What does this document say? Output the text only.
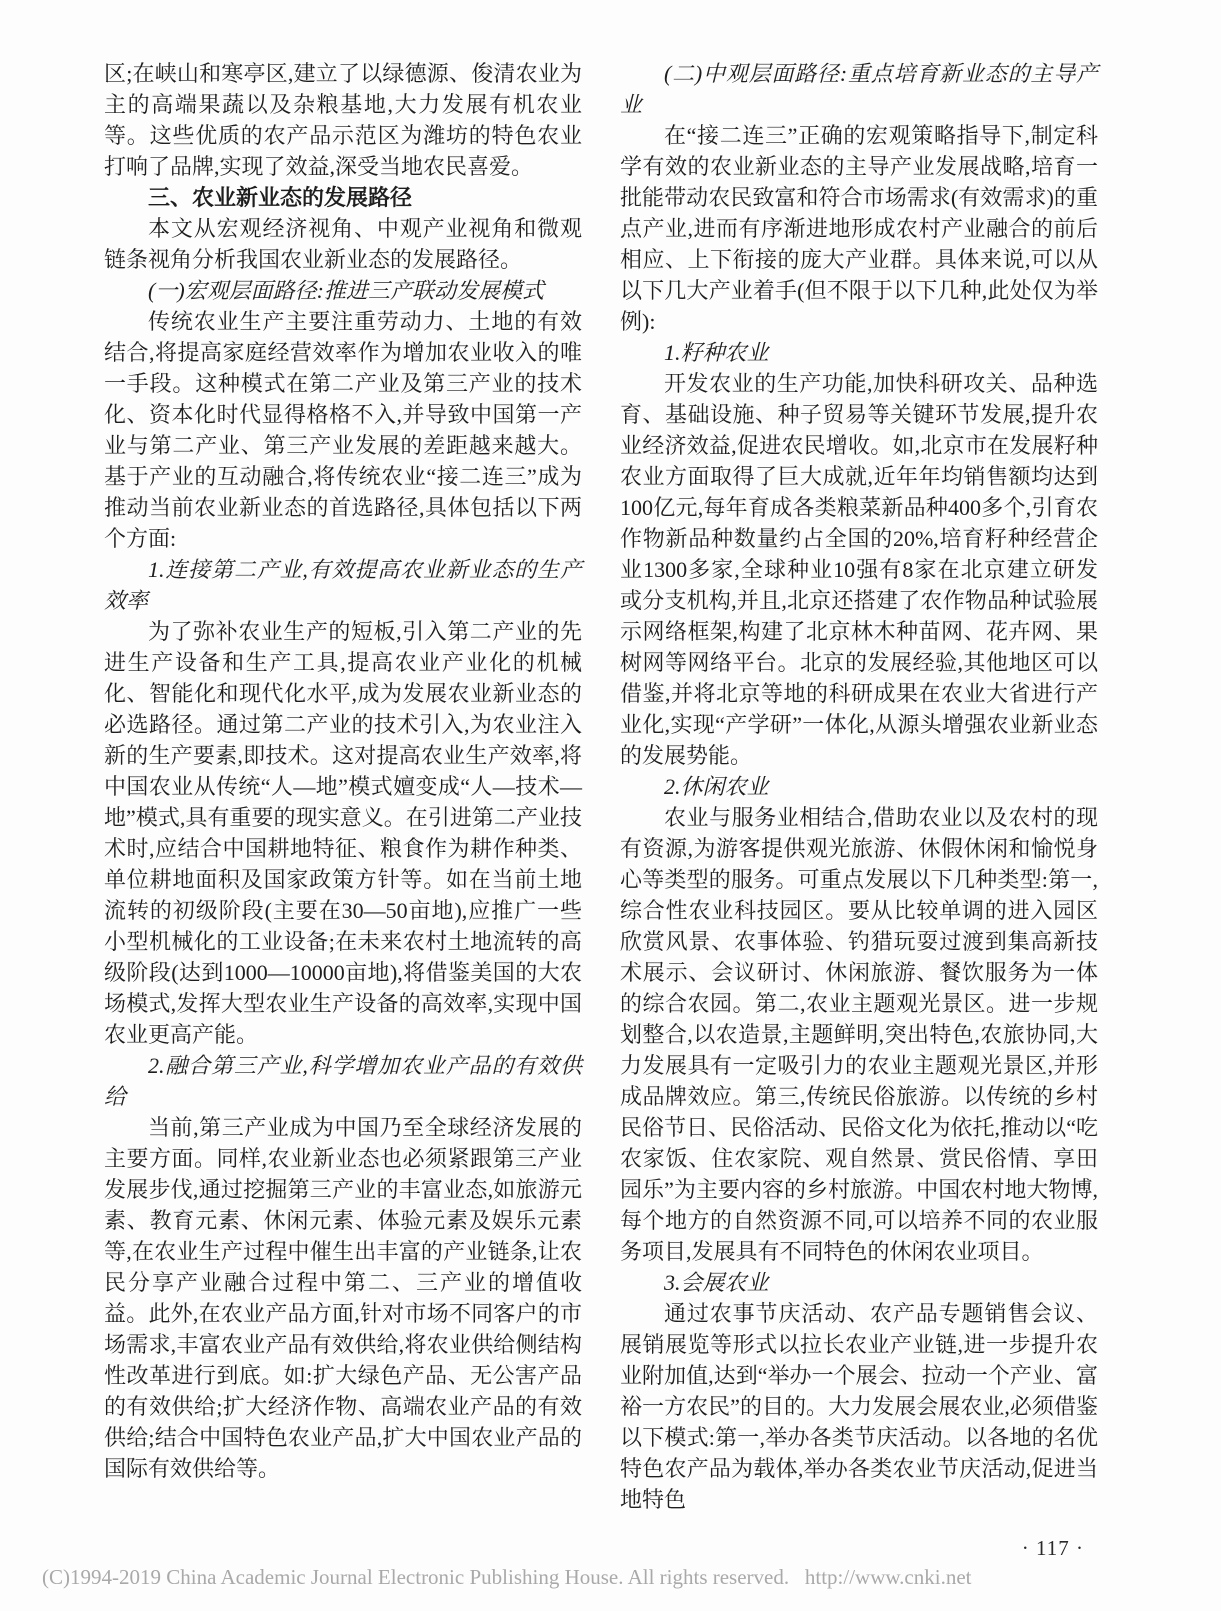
区;在峡山和寒亭区,建立了以绿德源、俊清农业为主的高端果蔬以及杂粮基地,大力发展有机农业等。这些优质的农产品示范区为潍坊的特色农业打响了品牌,实现了效益,深受当地农民喜爱。

三、农业新业态的发展路径

本文从宏观经济视角、中观产业视角和微观链条视角分析我国农业新业态的发展路径。

(一)宏观层面路径:推进三产联动发展模式

传统农业生产主要注重劳动力、土地的有效结合,将提高家庭经营效率作为增加农业收入的唯一手段。这种模式在第二产业及第三产业的技术化、资本化时代显得格格不入,并导致中国第一产业与第二产业、第三产业发展的差距越来越大。基于产业的互动融合,将传统农业“接二连三”成为推动当前农业新业态的首选路径,具体包括以下两个方面:

1.连接第二产业,有效提高农业新业态的生产效率

为了弥补农业生产的短板,引入第二产业的先进生产设备和生产工具,提高农业产业化的机械化、智能化和现代化水平,成为发展农业新业态的必选路径。通过第二产业的技术引入,为农业注入新的生产要素,即技术。这对提高农业生产效率,将中国农业从传统“人—地”模式嬗变成“人—技术—地”模式,具有重要的现实意义。在引进第二产业技术时,应结合中国耕地特征、粮食作为耕作种类、单位耕地面积及国家政策方针等。如在当前土地流转的初级阶段(主要在30—50亩地),应推广一些小型机械化的工业设备;在未来农村土地流转的高级阶段(达到1000—10000亩地),将借鉴美国的大农场模式,发挥大型农业生产设备的高效率,实现中国农业更高产能。

2.融合第三产业,科学增加农业产品的有效供给

当前,第三产业成为中国乃至全球经济发展的主要方面。同样,农业新业态也必须紧跟第三产业发展步伐,通过挖掘第三产业的丰富业态,如旅游元素、教育元素、休闲元素、体验元素及娱乐元素等,在农业生产过程中催生出丰富的产业链条,让农民分享产业融合过程中第二、三产业的增值收益。此外,在农业产品方面,针对市场不同客户的市场需求,丰富农业产品有效供给,将农业供给侧结构性改革进行到底。如:扩大绿色产品、无公害产品的有效供给;扩大经济作物、高端农业产品的有效供给;结合中国特色农业产品,扩大中国农业产品的国际有效供给等。

(二)中观层面路径:重点培育新业态的主导产业

在“接二连三”正确的宏观策略指导下,制定科学有效的农业新业态的主导产业发展战略,培育一批能带动农民致富和符合市场需求(有效需求)的重点产业,进而有序渐进地形成农村产业融合的前后相应、上下衔接的庞大产业群。具体来说,可以从以下几大产业着手(但不限于以下几种,此处仅为举例):

1.籽种农业

开发农业的生产功能,加快科研攻关、品种选育、基础设施、种子贸易等关键环节发展,提升农业经济效益,促进农民增收。如,北京市在发展籽种农业方面取得了巨大成就,近年年均销售额均达到100亿元,每年育成各类粮菜新品种400多个,引育农作物新品种数量约占全国的20%,培育籽种经营企业1300多家,全球种业10强有8家在北京建立研发或分支机构,并且,北京还搭建了农作物品种试验展示网络框架,构建了北京林木种苗网、花卉网、果树网等网络平台。北京的发展经验,其他地区可以借鉴,并将北京等地的科研成果在农业大省进行产业化,实现“产学研”一体化,从源头增强农业新业态的发展势能。

2.休闲农业

农业与服务业相结合,借助农业以及农村的现有资源,为游客提供观光旅游、休假休闲和愉悦身心等类型的服务。可重点发展以下几种类型:第一,综合性农业科技园区。要从比较单调的进入园区欣赏风景、农事体验、钓猎玩耍过渡到集高新技术展示、会议研讨、休闲旅游、餐饮服务为一体的综合农园。第二,农业主题观光景区。进一步规划整合,以农造景,主题鲜明,突出特色,农旅协同,大力发展具有一定吸引力的农业主题观光景区,并形成品牌效应。第三,传统民俗旅游。以传统的乡村民俗节日、民俗活动、民俗文化为依托,推动以“吃农家饭、住农家院、观自然景、赏民俗情、享田园乐”为主要内容的乡村旅游。中国农村地大物博,每个地方的自然资源不同,可以培养不同的农业服务项目,发展具有不同特色的休闲农业项目。

3.会展农业

通过农事节庆活动、农产品专题销售会议、展销展览等形式以拉长农业产业链,进一步提升农业附加值,达到“举办一个展会、拉动一个产业、富裕一方农民”的目的。大力发展会展农业,必须借鉴以下模式:第一,举办各类节庆活动。以各地的名优特色农产品为载体,举办各类农业节庆活动,促进当地特色

· 117 ·
(C)1994-2019 China Academic Journal Electronic Publishing House. All rights reserved.   http://www.cnki.net
